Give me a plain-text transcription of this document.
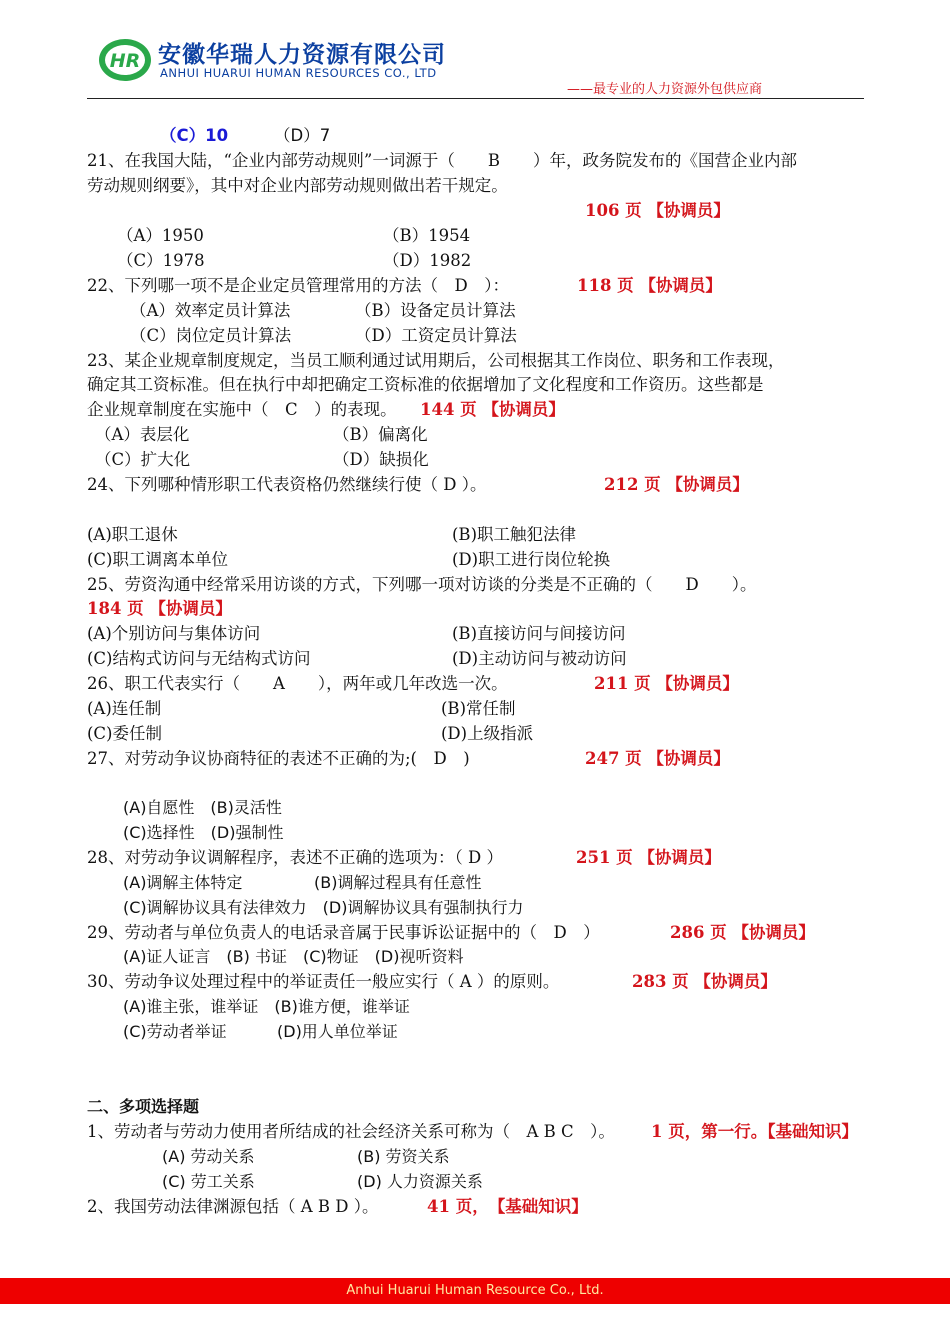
HR 安徽华瑞人力资源有限公司
ANHUI HUARUI HUMAN RESOURCES CO., LTD
——最专业的人力资源外包供应商
（C）10	（D）7
21、在我国大陆，“企业内部劳动规则”一词源于（　　B　　）年，政务院发布的《国营企业内部
劳动规则纲要》，其中对企业内部劳动规则做出若干规定。
106 页 【协调员】
（A）1950	（B）1954
（C）1978	（D）1982
22、下列哪一项不是企业定员管理常用的方法（　D　）：	118 页 【协调员】
（A）效率定员计算法	（B）设备定员计算法
（C）岗位定员计算法	（D）工资定员计算法
23、某企业规章制度规定，当员工顺利通过试用期后，公司根据其工作岗位、职务和工作表现，
确定其工资标准。但在执行中却把确定工资标准的依据增加了文化程度和工作资历。这些都是
企业规章制度在实施中（　C　）的表现。 144 页 【协调员】
（A）表层化	（B）偏离化
（C）扩大化	（D）缺损化
24、下列哪种情形职工代表资格仍然继续行使（ D ）。	212 页 【协调员】
(A)职工退休	(B)职工触犯法律
(C)职工调离本单位	(D)职工进行岗位轮换
25、劳资沟通中经常采用访谈的方式，下列哪一项对访谈的分类是不正确的（　　D　　）。
184 页 【协调员】
(A)个别访问与集体访问	(B)直接访问与间接访问
(C)结构式访问与无结构式访问	(D)主动访问与被动访问
26、职工代表实行（　　A　　），两年或几年改选一次。	211 页 【协调员】
(A)连任制	(B)常任制
(C)委任制	(D)上级指派
27、对劳动争议协商特征的表述不正确的为;(　D　)	247 页 【协调员】
(A)自愿性　(B)灵活性
(C)选择性　(D)强制性
28、对劳动争议调解程序，表述不正确的选项为：（ D ）	251 页 【协调员】
(A)调解主体特定	(B)调解过程具有任意性
(C)调解协议具有法律效力　(D)调解协议具有强制执行力
29、劳动者与单位负责人的电话录音属于民事诉讼证据中的（　D　）	286 页 【协调员】
(A)证人证言　(B) 书证　(C)物证　(D)视听资料
30、劳动争议处理过程中的举证责任一般应实行（ A ）的原则。	283 页 【协调员】
(A)谁主张，谁举证　(B)谁方便，谁举证
(C)劳动者举证	(D)用人单位举证
二、多项选择题
1、劳动者与劳动力使用者所结成的社会经济关系可称为（　A B C　）。 1 页，第一行。【基础知识】
(A) 劳动关系	(B) 劳资关系
(C) 劳工关系	(D) 人力资源关系
2、我国劳动法律渊源包括（ A B D ）。	41 页，　【基础知识】
Anhui Huarui Human Resource Co., Ltd.
